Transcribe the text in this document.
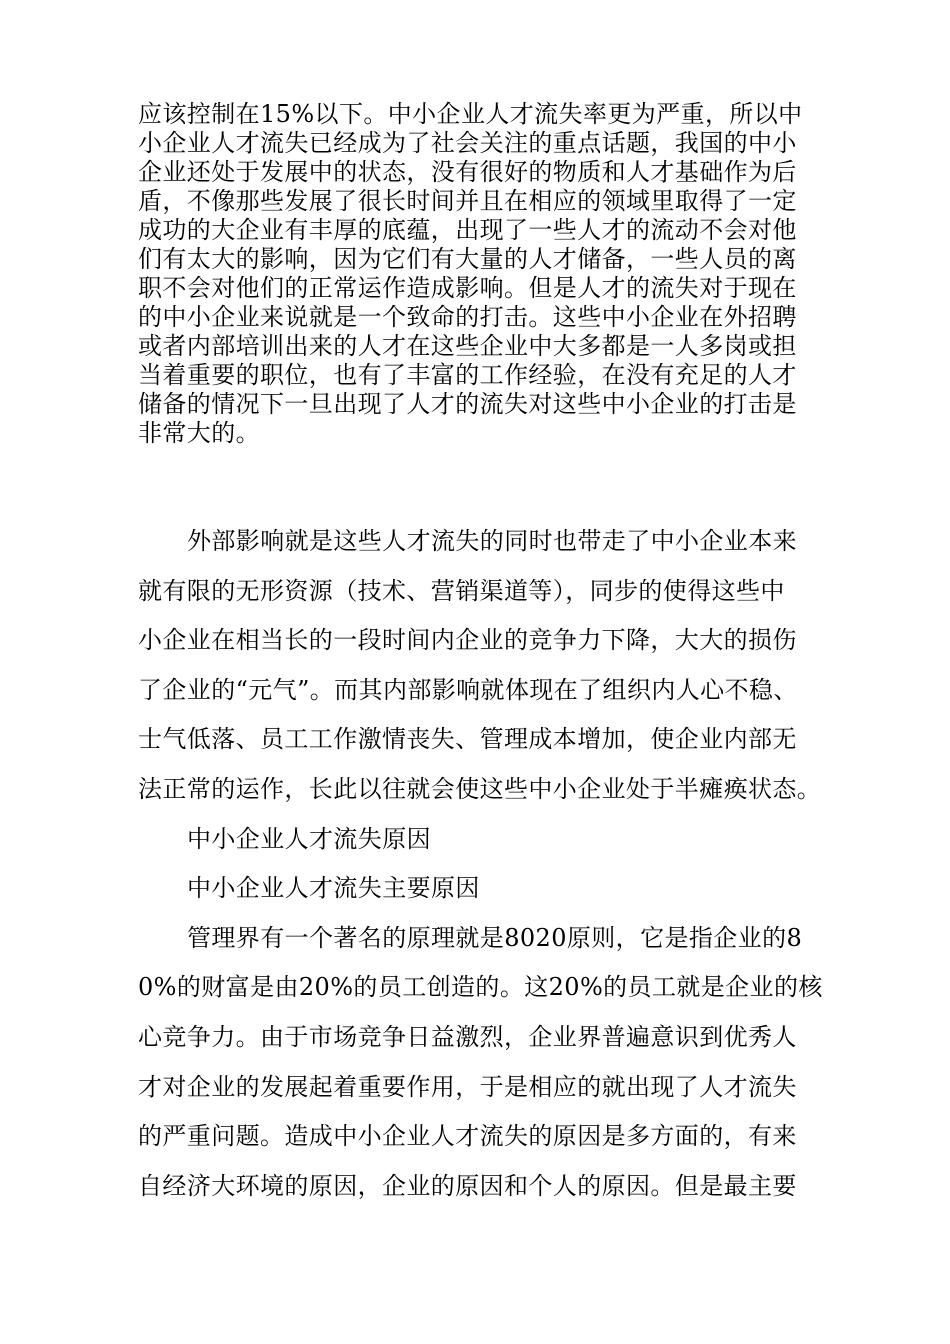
应该控制在15%以下。中小企业人才流失率更为严重，所以中
小企业人才流失已经成为了社会关注的重点话题，我国的中小
企业还处于发展中的状态，没有很好的物质和人才基础作为后
盾，不像那些发展了很长时间并且在相应的领域里取得了一定
成功的大企业有丰厚的底蕴，出现了一些人才的流动不会对他
们有太大的影响，因为它们有大量的人才储备，一些人员的离
职不会对他们的正常运作造成影响。但是人才的流失对于现在
的中小企业来说就是一个致命的打击。这些中小企业在外招聘
或者内部培训出来的人才在这些企业中大多都是一人多岗或担
当着重要的职位，也有了丰富的工作经验，在没有充足的人才
储备的情况下一旦出现了人才的流失对这些中小企业的打击是
非常大的。
外部影响就是这些人才流失的同时也带走了中小企业本来
就有限的无形资源（技术、营销渠道等），同步的使得这些中
小企业在相当长的一段时间内企业的竞争力下降，大大的损伤
了企业的“元气”。而其内部影响就体现在了组织内人心不稳、
士气低落、员工工作激情丧失、管理成本增加，使企业内部无
法正常的运作，长此以往就会使这些中小企业处于半瘫痪状态。
中小企业人才流失原因
中小企业人才流失主要原因
管理界有一个著名的原理就是8020原则，它是指企业的8
0%的财富是由20%的员工创造的。这20%的员工就是企业的核
心竞争力。由于市场竞争日益激烈，企业界普遍意识到优秀人
才对企业的发展起着重要作用，于是相应的就出现了人才流失
的严重问题。造成中小企业人才流失的原因是多方面的，有来
自经济大环境的原因，企业的原因和个人的原因。但是最主要
